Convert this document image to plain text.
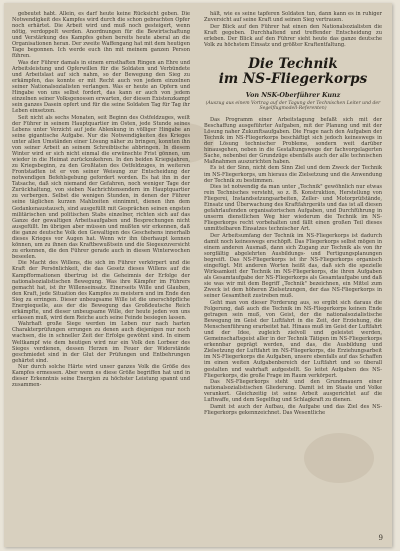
gebeutet habt. Allein, es darf heute keine Rücksicht geben. Die Notwendigkeit des Kampfes wird durch die schon gebrachten Opfer noch erhärtet. Die Arbeit wird und muß noch gesteigert, wenn nötig, verdoppelt werden. Anordnungen für die Bewirtschaftung und Verstärkung des Kampfes gehen bereits heute aberal an die Organisationen heran. Der zweite Waffengang hat mit dem heutigen Tage begonnen. Ich werde euch ihn mit meinem ganzen Person führen.

Was der Führer damals in einem ernsthaften Ringen an Ehre und Arbeitsleistung und Opferwillen für die Soldaten und Verbündete und Arbeitslast auf sich nahm, so der Bewegung den Sieg zu erkämpfen, das konnte er mit Recht auch von jedem einzelnen seiner Nationalsozialisten verlangen. Was er heute an Opfern und Hingabe von uns selbst fordert, das kann er auch von jedem einzelnen seiner Volksgenossen erwarten, der diesen Existenzkampf sein ganzes Dasein opfert und für die seine Soldaten Tag für Tag ihr Leben einsetzen.

Seit nicht als sechs Monaten, seit Beginn des Ostfeldzuges, weilt der Führer in seinem Hauptquartier im Osten, jede Stunde seines Lebens unter Verzicht auf jede Ablenkung in völliger Hingabe an seine gigantische Aufgabe. Nur die Notwendigkeiten des Krieges unter allen Umständen einer Lösung näher zu bringen, konnten ihn von seiner Arbeit an seinem Schreibtische abbringen. In diesem Winter wird er sich nicht einmal die erwünschte Frist gönnen, um wieder in die Heimat zurückzukehren. In den beiden Kriegsjahren, zu Kriegsbeginn, zu den Großtaten des Ostfeldzuges, in weiteren Frontstadten ist er von seiner Weisung zur Entscheidung der notwendigen Befehlsgebung gefordert worden. Es hat ihn in der Tatsache, daß sich niemand der Gefahren, noch weniger Tage der Zurückhaltung, von sieben Nachrichtensendern im Hauptquartier zu verbergen. Selbst die wenigen Stunden, in denen der Führer seine täglichen kurzen Mahlzeiten einnimmt, dienen ihm dem Gedankenaustausch, sind ausgefüllt mit Gesprächen seinen engsten militärischen und politischen Stabs einzelner, richten sich auf das Ganze der gewaltigen Arbeitsaufgaben und Besprechungen nicht ausgefüllt. Im übrigen aber müssen und mußten wir erkennen, daß die ganze deutsche Volk den Gewaltigen des Geschehens innerhalb dieses Krieges vor Augen hat. Wenn wir ihn überhaupt kennen können, um zu ihnen das Kraftbewußtsein und die Siegeszuversicht zu erkennen, die den Führer gerade auch in diesen Winterwochen beseelen.

Die Macht des Willens, die sich im Führer verkörpert und die Kraft der Persönlichkeit, die das Gesetz dieses Willens auf die Kampfformationen übertrug ist die Geheimnis der Erfolge der nationalsozialistischen Bewegung. Was ihre Kämpfer im Führers gemacht hat, ist ihr Willenseinsatz. Einerseits Wille und Glauben, den Kraft, jede Situation des Kampfes zu meistern und im Ende den Sieg zu erringen. Dieser unbeugsame Wille ist die unerschöpfliche Energiequelle, aus der die Bewegung das Großdeutsche Reich erkämpfte, und dieser unbeugsame Wille, der heute jeden von uns erfassen muß, wird dem Reiche auch seine Feinde besiegen lassen.

Wahrhaft große Siege werden im Leben nur nach harten Charakterprüfungen errungen zu denen auch diejenigen nur noch wachsen, die in schneller Zeit der Erfolge gewöhnt sind. In einem Weltkampf wie dem heutigen wird nur ein Volk den Lorbeer des Sieges verdienen, dessen Herzen im Feuer der Widerstände geschmiedet sind in der Glut der Prüfungen und Entbehrungen gehärtet sind.

Nur durch solche Härte wird unser ganzes Volk die Größe des Kampfes ermessen. Aber wenn es diese Größe begriffen hat und in dieser Erkenntnis seine Energien zu höchster Leistung spannt und zusammen-

hält, wie es seine tapferen Soldaten tun, dann kann es in ruhiger Zuversicht auf seine Kraft und seinen Sieg vertrauen.

Der Blick auf den Führer hat einen den Nationalsozialisten die Kraft gegeben. Durchhaltend und treffender Entscheidung zu erleben. Der Blick auf den Führer sieht heute das ganze deutsche Volk zu höchstem Einsatz und größter Kraftentfaltung.

Die Technik
im NS-Fliegerkorps
Von NSK-Oberführer Kunz
(Auszug aus einem Vortrag auf der Tagung der Technischen Leiter und der Segelflugmodell-Referenten)

Das Programm einer Arbeitstagung befaßt sich mit der Beschaffung ausgeführter Aufgaben, mit der Planung und mit der Lösung naher Zukunftsaufgaben. Die Frage nach den Aufgaben der Technik im NS-Fliegerkorps beschäftigt sich jedoch keineswegs in der Lösung technischer Probleme, sondern weit darüber hinausgehen, neben in die Gestaltungswege der fachvorgelagerten Sache, nebenbei der Grundzüge ebenfalls auch der alle technischen Maßnahmen auszurichten haben.

Es ist der Sinn, nicht dem Sinn Ziel und dem Zweck der Technik im NS-Fliegerkorps, um hieraus die Zielsetzung und die Anwendung der Technik zu bestimmen.

Dies ist notwendig da man unter „Technik" gewöhnlich nur etwas rein Technisches versteht, so z. B. Konstruktion, Herstellung von Fliegerei, Instandsetzungsarbeiten, Zeller- und Motorprüfstände, Einsatz und Überwachung des Kraftfahrgeräts und das ist all diesen gefahrlaufenden organisatorischen Aufgaben, und Durchführung in unserm dienstlichen Weg hier wiederum die Technik im NS-Fliegerkorps recht vorbehalten und fällt einen großen Teil dieses unmittelbaren Einsatzes technischer Art.

Der Arbeitsumfang der Technik im NS-Fliegerkorps ist dadurch damit noch keineswegs erschöpft. Das Fliegerkorps selbst mögen in einem anderen Ausmaß, dann sich Zugang zur Technik als von ihr sorgfältig abgelehrten Ausbildungs- und Fertigungsplanungen begreift. Das NS-Fliegerkorps ist ihr NS-Fliegerkorps organisch eingefügt. Mit anderen Worten heißt das, daß sich die spezielle Wirksamkeit der Technik im NS-Fliegerkorps, die ihren Aufgaben als Gesamtaufgabe der NS-Fliegerkorps als Gesamtaufgabe und daß sie was wir mit dem Begriff „Technik" bezeichnen, ein Mittel zum Zweck ist dem höheren Zielsetzungen, der das NS-Fliegerkorps in seiner Gesamtheit zustreben muß.

Geht man von dieser Forderung aus, so ergibt sich daraus die Folgerung, daß auch die Technik im NS-Fliegerkorps keinen Ende getragen sein muß, von Geist, der die nationalsozialistische Bewegung im Geist der Luftfahrt in die Zeit, der Erziehung, die Menschenführung erarbeitet hat. Hinaus muß im Geist der Luftfahrt und der Idee, zugleich zielvoll und geleistet werden, Gemeinschaftsgeist aller in der Technik Tätigen im NS-Fliegerkorps erkennbar geprägt werden, und das, die Ausbildung und Zielsetzung der Luftfahrt im NS-Fliegerkorps, die Erziehungsarbeit im NS-Fliegerkorps die Aufgaben, unsere ebenfalls auf das Schaffen im einen weiten Aufgabenbereich der Luftfahrt und so überall gestalten und wahrhaft aufgestellt. So leitet Aufgaben des NS-Fliegerkorps, die große Frage im Raum verkörpert.

Das NS-Fliegerkorps steht und den Grundmauern einer nationalsozialistischen Gliederung. Damit ist im Staate und Volke verankert. Gleichzeitig ist seine Arbeit ausgerichtet auf die Luftwaffe, und dem Segelflug und Schlagkraft zu dienen.

Damit ist auch der Aufbau, die Aufgabe und das Ziel des NS-Fliegerkorps gekennzeichnet. Das Wesentliche

9
